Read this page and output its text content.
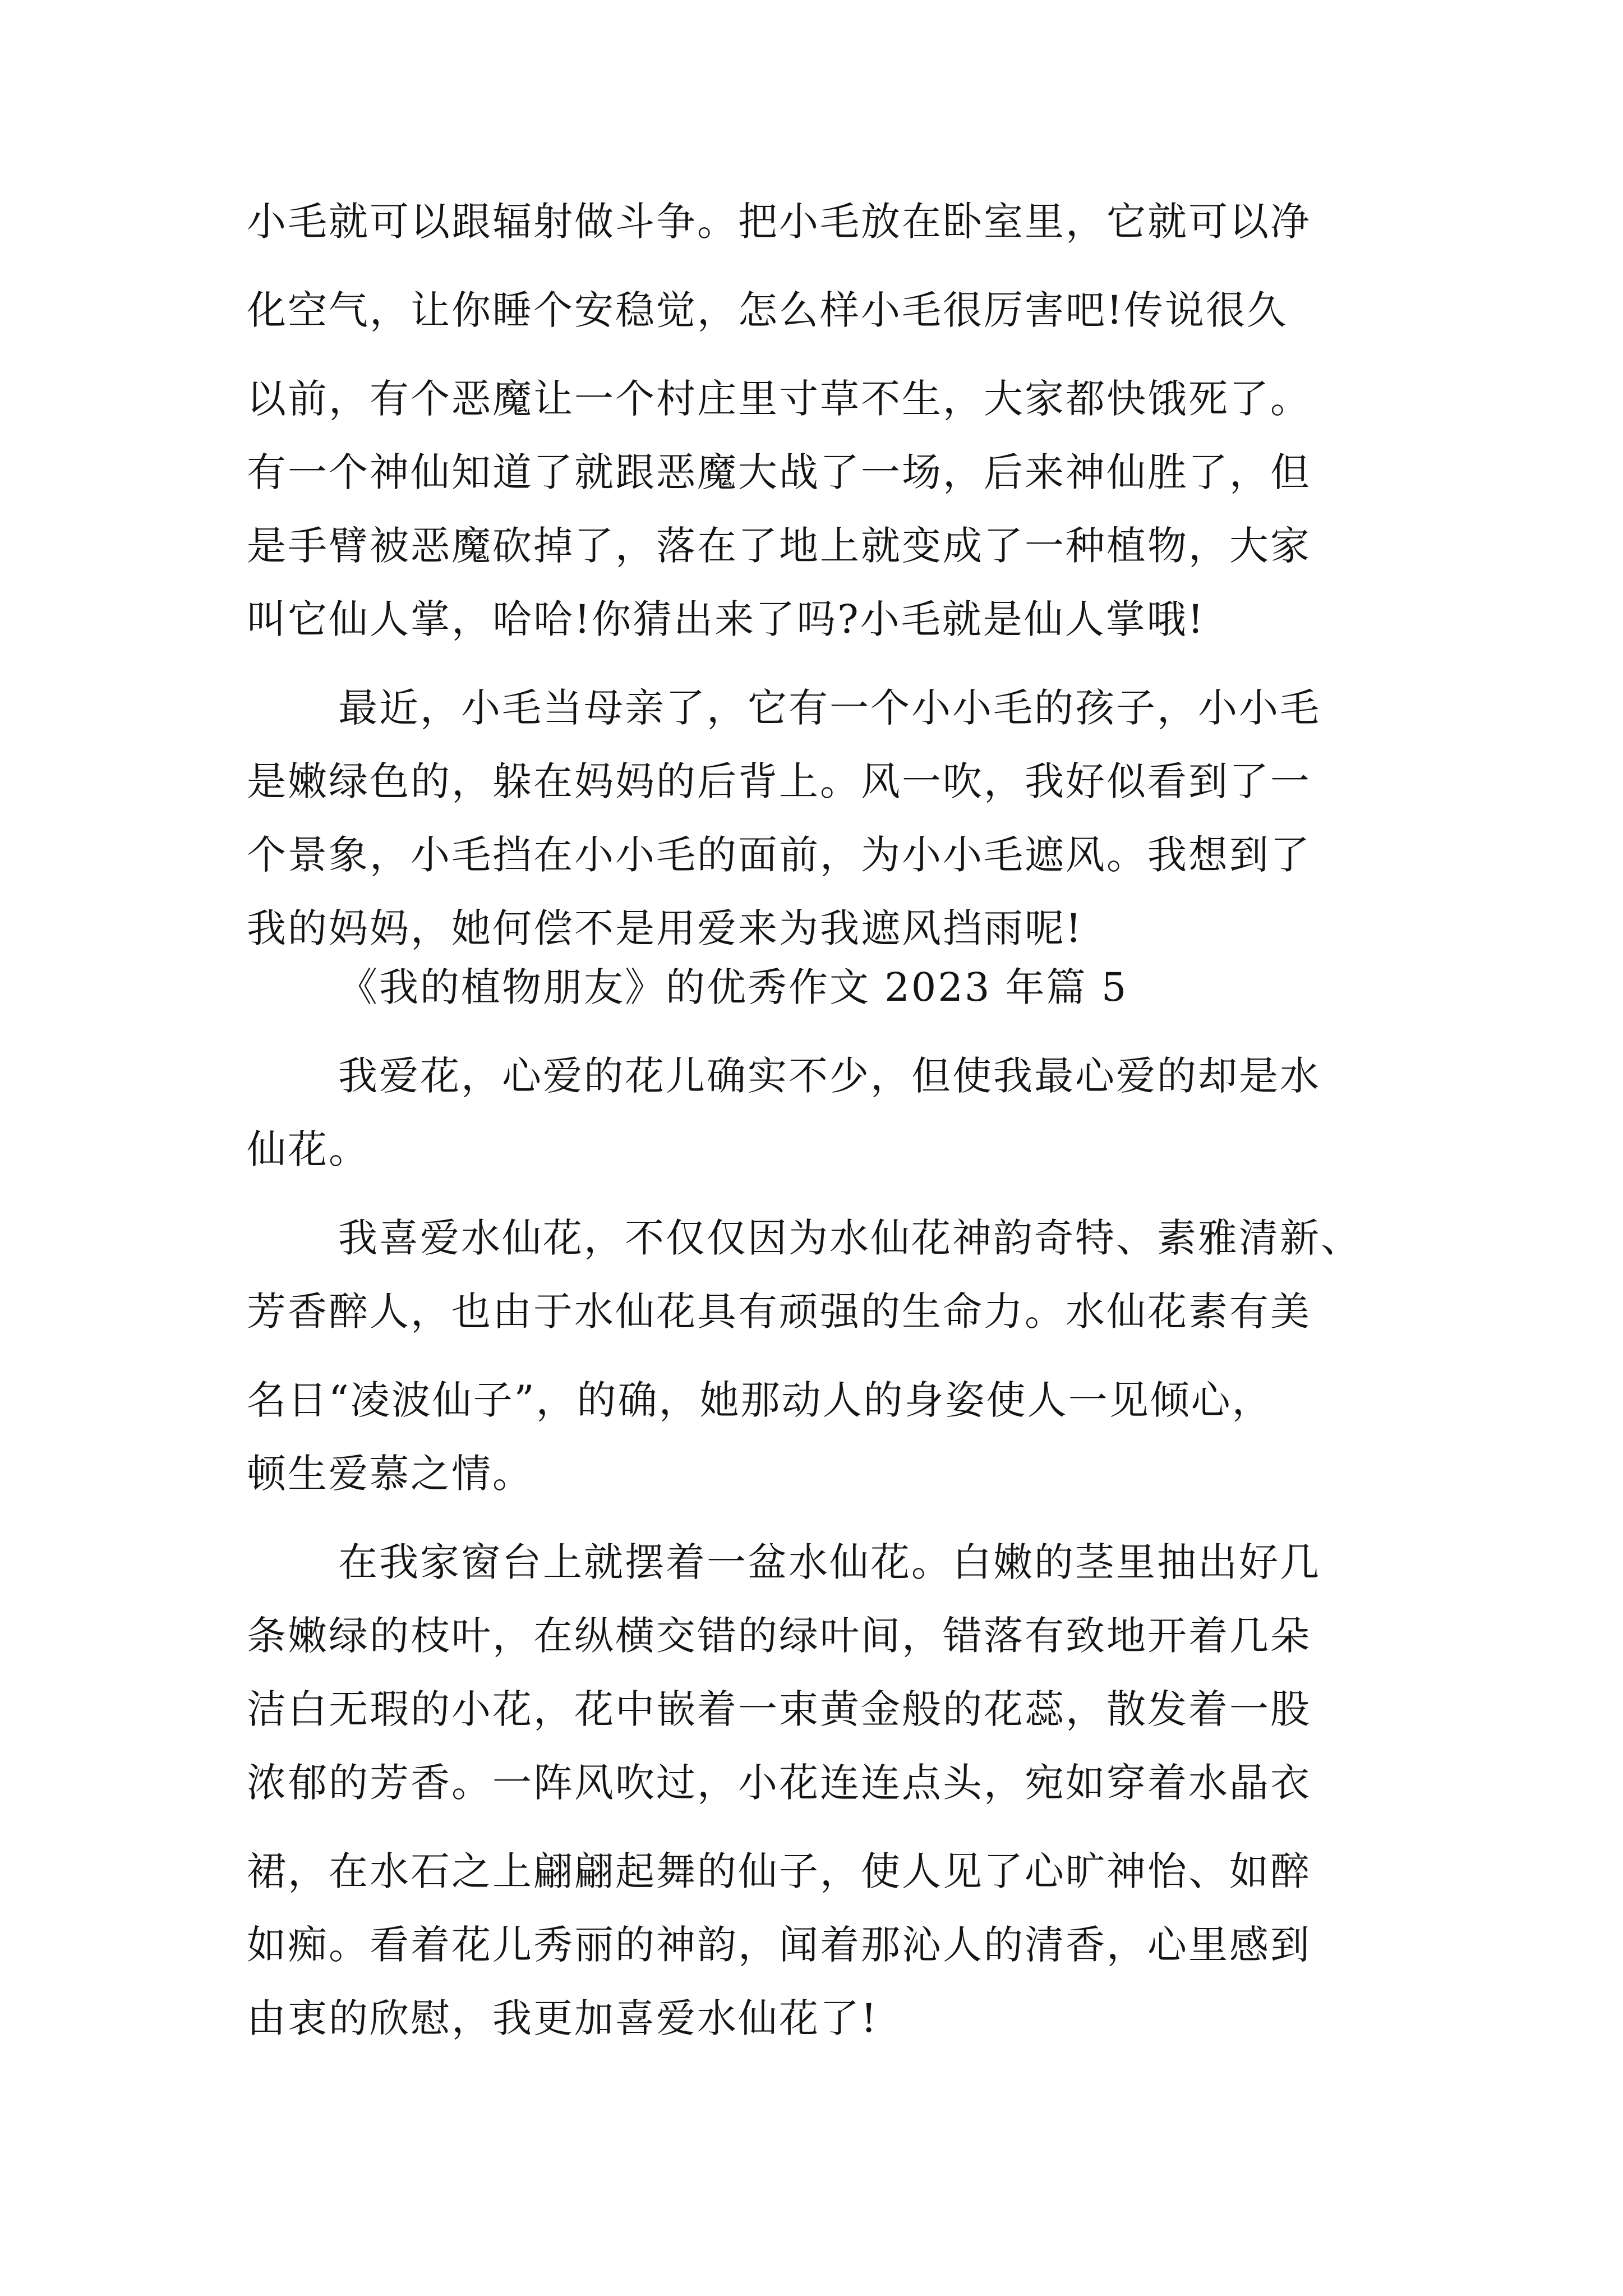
小毛就可以跟辐射做斗争。把小毛放在卧室里，它就可以净
化空气，让你睡个安稳觉，怎么样小毛很厉害吧!传说很久
以前，有个恶魔让一个村庄里寸草不生，大家都快饿死了。
有一个神仙知道了就跟恶魔大战了一场，后来神仙胜了，但
是手臂被恶魔砍掉了，落在了地上就变成了一种植物，大家
叫它仙人掌，哈哈!你猜出来了吗?小毛就是仙人掌哦!
最近，小毛当母亲了，它有一个小小毛的孩子，小小毛
是嫩绿色的，躲在妈妈的后背上。风一吹，我好似看到了一
个景象，小毛挡在小小毛的面前，为小小毛遮风。我想到了
我的妈妈，她何偿不是用爱来为我遮风挡雨呢!
《我的植物朋友》的优秀作文 2023 年篇 5
我爱花，心爱的花儿确实不少，但使我最心爱的却是水
仙花。
我喜爱水仙花，不仅仅因为水仙花神韵奇特、素雅清新、
芳香醉人，也由于水仙花具有顽强的生命力。水仙花素有美
名日“凌波仙子”，的确，她那动人的身姿使人一见倾心，
顿生爱慕之情。
在我家窗台上就摆着一盆水仙花。白嫩的茎里抽出好几
条嫩绿的枝叶，在纵横交错的绿叶间，错落有致地开着几朵
洁白无瑕的小花，花中嵌着一束黄金般的花蕊，散发着一股
浓郁的芳香。一阵风吹过，小花连连点头，宛如穿着水晶衣
裙，在水石之上翩翩起舞的仙子，使人见了心旷神怡、如醉
如痴。看着花儿秀丽的神韵，闻着那沁人的清香，心里感到
由衷的欣慰，我更加喜爱水仙花了!
